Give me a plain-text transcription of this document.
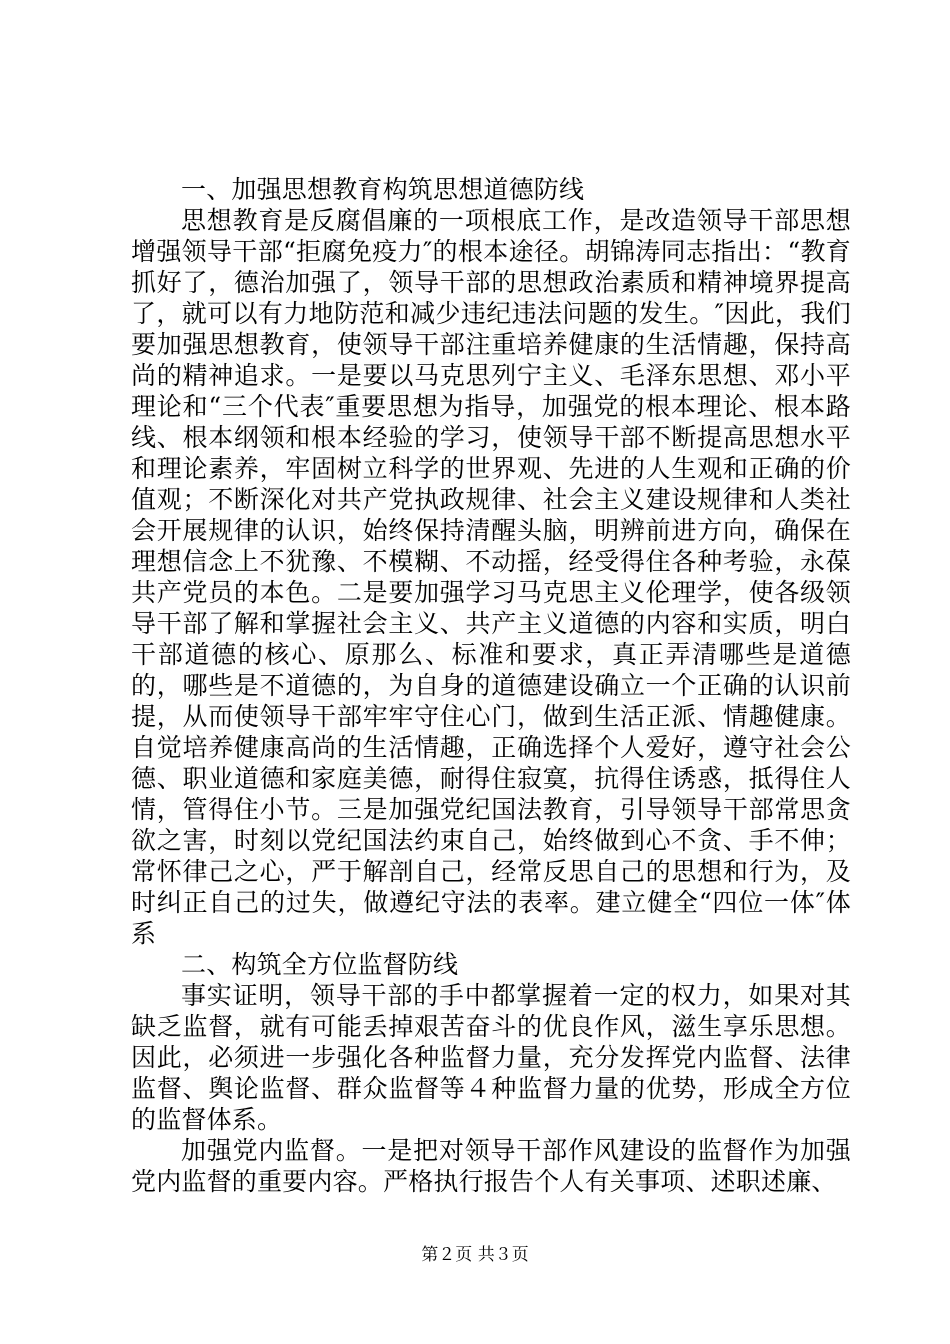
一、加强思想教育构筑思想道德防线

思想教育是反腐倡廉的一项根底工作，是改造领导干部思想增强领导干部“拒腐免疫力″的根本途径。胡锦涛同志指出：“教育抓好了，德治加强了，领导干部的思想政治素质和精神境界提高了，就可以有力地防范和减少违纪违法问题的发生。″因此，我们要加强思想教育，使领导干部注重培养健康的生活情趣，保持高尚的精神追求。一是要以马克思列宁主义、毛泽东思想、邓小平理论和“三个代表″重要思想为指导，加强党的根本理论、根本路线、根本纲领和根本经验的学习，使领导干部不断提高思想水平和理论素养，牢固树立科学的世界观、先进的人生观和正确的价值观；不断深化对共产党执政规律、社会主义建设规律和人类社会开展规律的认识，始终保持清醒头脑，明辨前进方向，确保在理想信念上不犹豫、不模糊、不动摇，经受得住各种考验，永葆共产党员的本色。二是要加强学习马克思主义伦理学，使各级领导干部了解和掌握社会主义、共产主义道德的内容和实质，明白干部道德的核心、原那么、标准和要求，真正弄清哪些是道德的，哪些是不道德的，为自身的道德建设确立一个正确的认识前提，从而使领导干部牢牢守住心门，做到生活正派、情趣健康。自觉培养健康高尚的生活情趣，正确选择个人爱好，遵守社会公德、职业道德和家庭美德，耐得住寂寞，抗得住诱惑，抵得住人情，管得住小节。三是加强党纪国法教育，引导领导干部常思贪欲之害，时刻以党纪国法约束自己，始终做到心不贪、手不伸；常怀律己之心，严于解剖自己，经常反思自己的思想和行为，及时纠正自己的过失，做遵纪守法的表率。建立健全“四位一体″体系

二、构筑全方位监督防线

事实证明，领导干部的手中都掌握着一定的权力，如果对其缺乏监督，就有可能丢掉艰苦奋斗的优良作风，滋生享乐思想。因此，必须进一步强化各种监督力量，充分发挥党内监督、法律监督、舆论监督、群众监督等４种监督力量的优势，形成全方位的监督体系。

加强党内监督。一是把对领导干部作风建设的监督作为加强党内监督的重要内容。严格执行报告个人有关事项、述职述廉、

第２页 共３页
